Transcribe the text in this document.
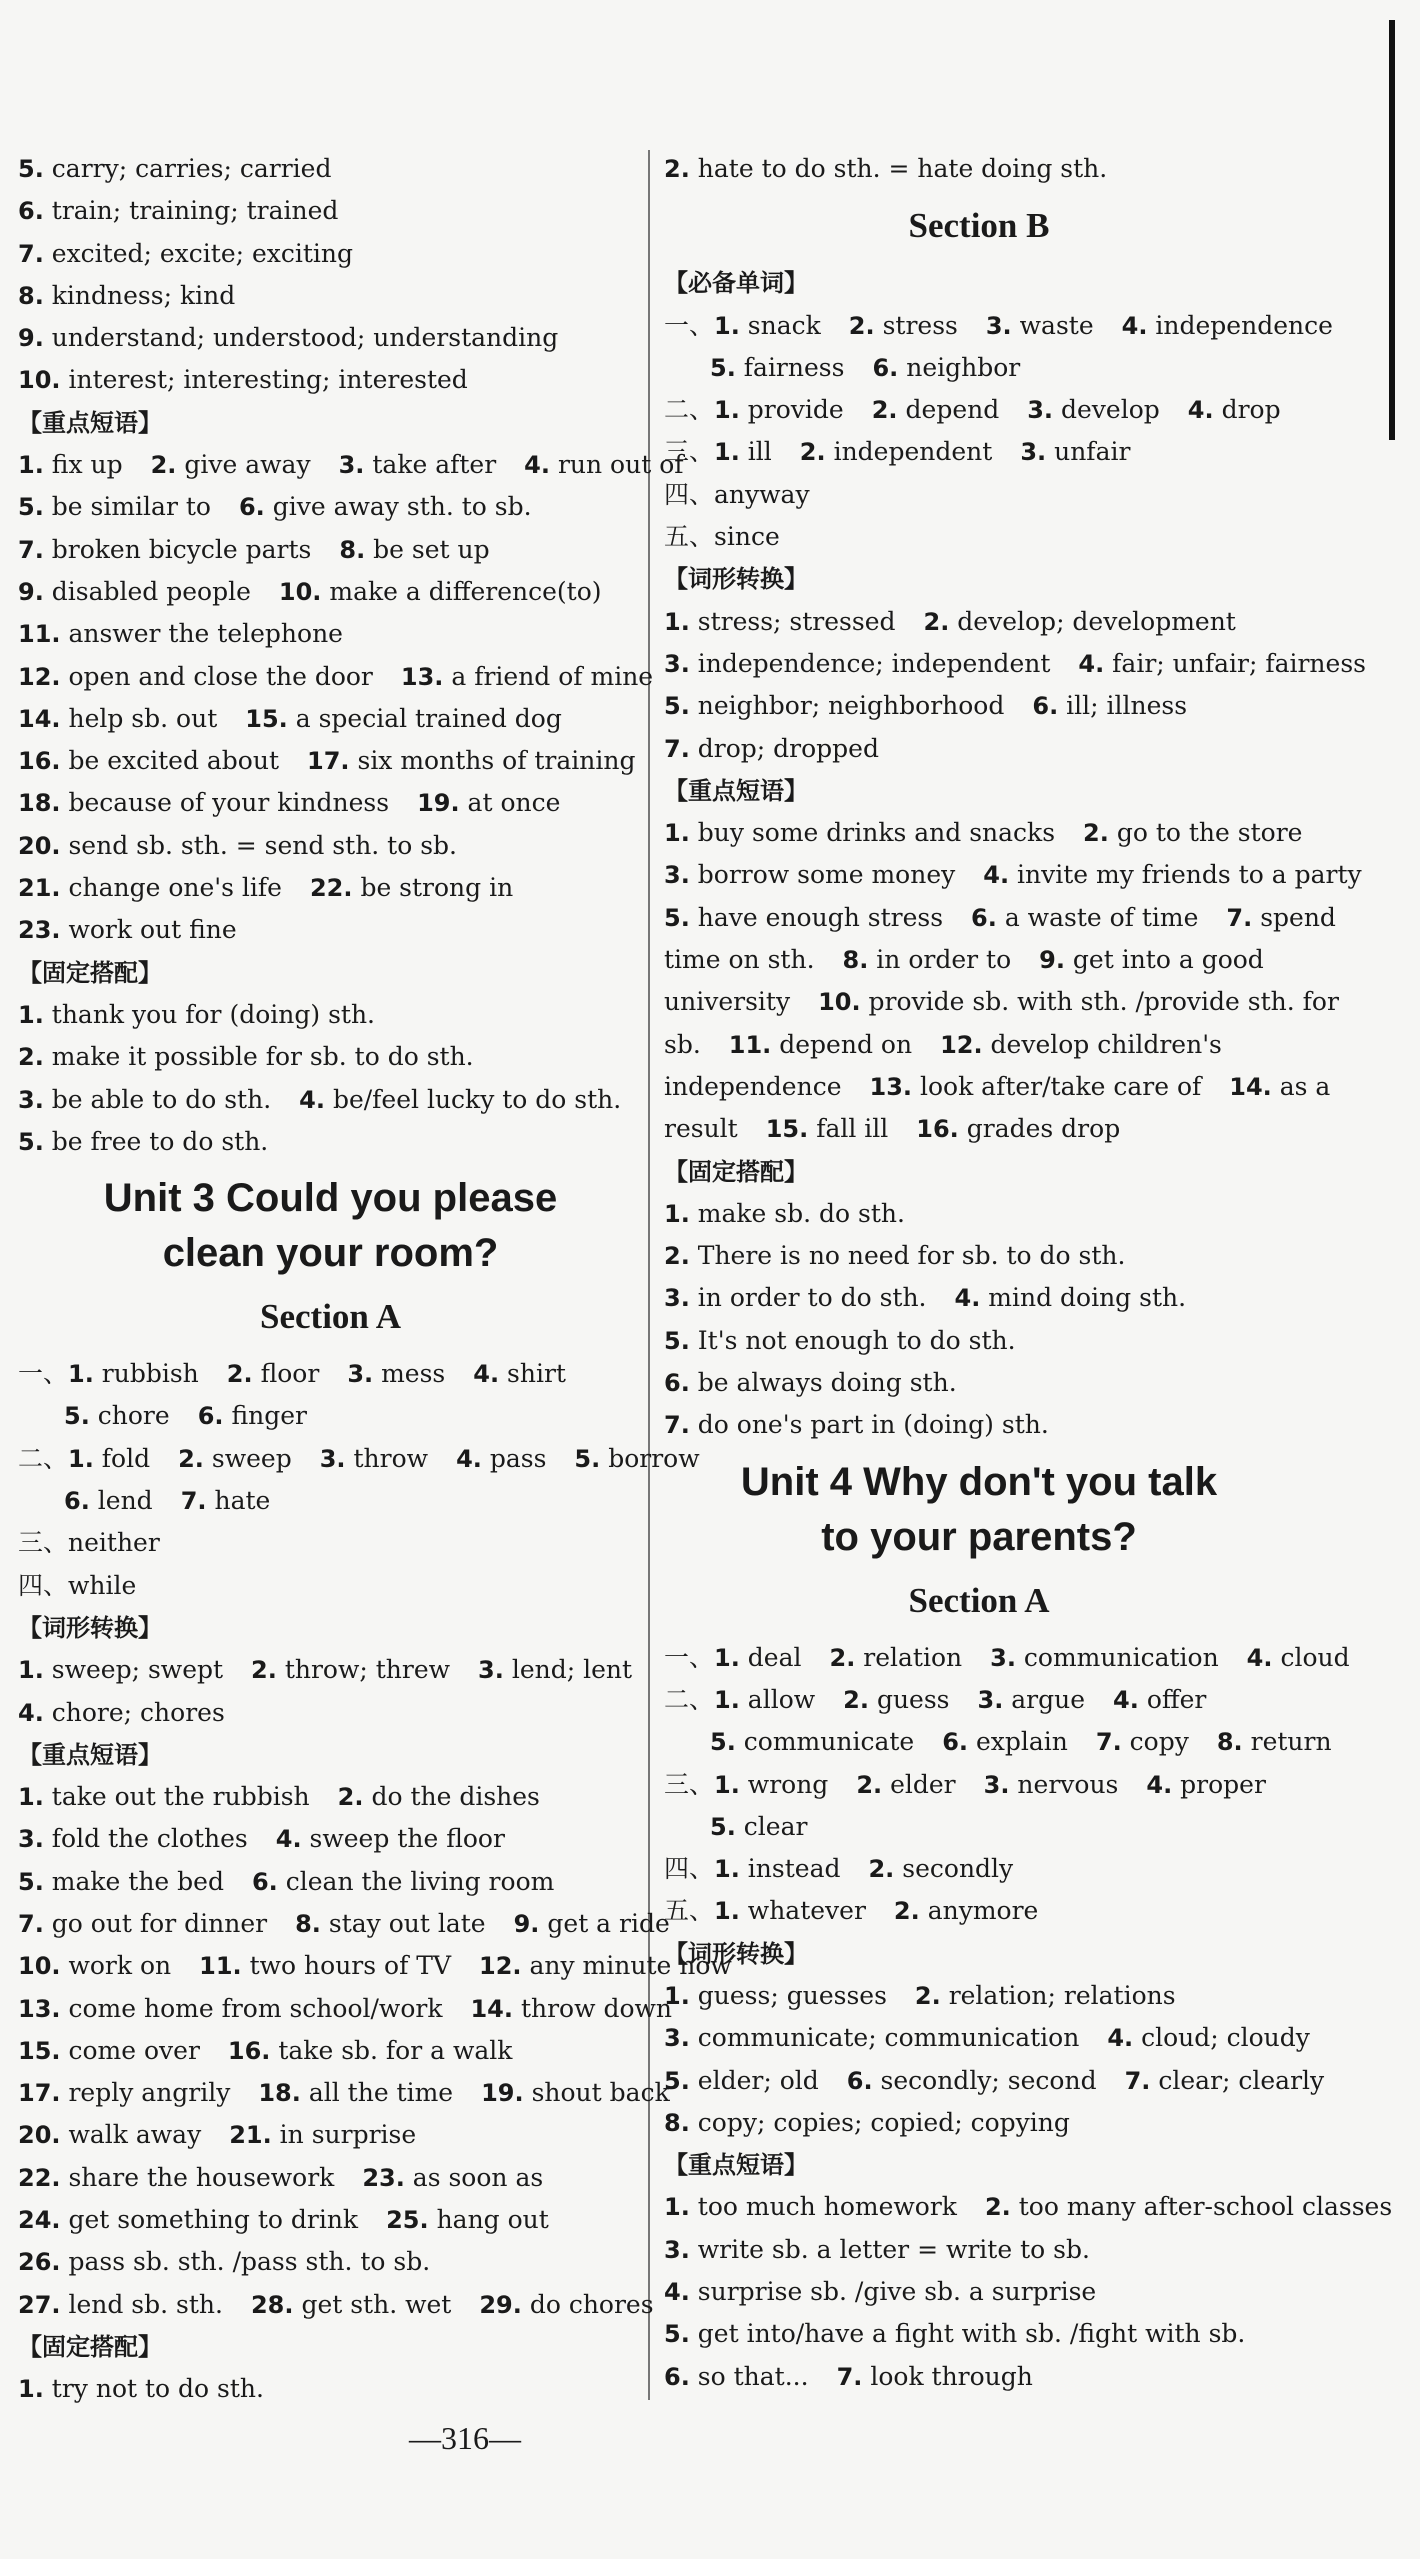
5. carry; carries; carried
6. train; training; trained
7. excited; excite; exciting
8. kindness; kind
9. understand; understood; understanding
10. interest; interesting; interested
【重点短语】
1. fix up 2. give away 3. take after 4. run out of
5. be similar to 6. give away sth. to sb.
7. broken bicycle parts 8. be set up
9. disabled people 10. make a difference(to)
11. answer the telephone
12. open and close the door 13. a friend of mine
14. help sb. out 15. a special trained dog
16. be excited about 17. six months of training
18. because of your kindness 19. at once
20. send sb. sth. = send sth. to sb.
21. change one's life 22. be strong in
23. work out fine
【固定搭配】
1. thank you for (doing) sth.
2. make it possible for sb. to do sth.
3. be able to do sth. 4. be/feel lucky to do sth.
5. be free to do sth.
Unit 3 Could you please
clean your room?
Section A
一、1. rubbish 2. floor 3. mess 4. shirt
5. chore 6. finger
二、1. fold 2. sweep 3. throw 4. pass 5. borrow
6. lend 7. hate
三、neither
四、while
【词形转换】
1. sweep; swept 2. throw; threw 3. lend; lent
4. chore; chores
【重点短语】
1. take out the rubbish 2. do the dishes
3. fold the clothes 4. sweep the floor
5. make the bed 6. clean the living room
7. go out for dinner 8. stay out late 9. get a ride
10. work on 11. two hours of TV 12. any minute now
13. come home from school/work 14. throw down
15. come over 16. take sb. for a walk
17. reply angrily 18. all the time 19. shout back
20. walk away 21. in surprise
22. share the housework 23. as soon as
24. get something to drink 25. hang out
26. pass sb. sth. /pass sth. to sb.
27. lend sb. sth. 28. get sth. wet 29. do chores
【固定搭配】
1. try not to do sth.
2. hate to do sth. = hate doing sth.
Section B
【必备单词】
一、1. snack 2. stress 3. waste 4. independence
5. fairness 6. neighbor
二、1. provide 2. depend 3. develop 4. drop
三、1. ill 2. independent 3. unfair
四、anyway
五、since
【词形转换】
1. stress; stressed 2. develop; development
3. independence; independent 4. fair; unfair; fairness
5. neighbor; neighborhood 6. ill; illness
7. drop; dropped
【重点短语】
1. buy some drinks and snacks 2. go to the store
3. borrow some money 4. invite my friends to a party
5. have enough stress 6. a waste of time 7. spend
time on sth. 8. in order to 9. get into a good
university 10. provide sb. with sth. /provide sth. for
sb. 11. depend on 12. develop children's
independence 13. look after/take care of 14. as a
result 15. fall ill 16. grades drop
【固定搭配】
1. make sb. do sth.
2. There is no need for sb. to do sth.
3. in order to do sth. 4. mind doing sth.
5. It's not enough to do sth.
6. be always doing sth.
7. do one's part in (doing) sth.
Unit 4 Why don't you talk
to your parents?
Section A
一、1. deal 2. relation 3. communication 4. cloud
二、1. allow 2. guess 3. argue 4. offer
5. communicate 6. explain 7. copy 8. return
三、1. wrong 2. elder 3. nervous 4. proper
5. clear
四、1. instead 2. secondly
五、1. whatever 2. anymore
【词形转换】
1. guess; guesses 2. relation; relations
3. communicate; communication 4. cloud; cloudy
5. elder; old 6. secondly; second 7. clear; clearly
8. copy; copies; copied; copying
【重点短语】
1. too much homework 2. too many after-school classes
3. write sb. a letter = write to sb.
4. surprise sb. /give sb. a surprise
5. get into/have a fight with sb. /fight with sb.
6. so that... 7. look through
—316—
